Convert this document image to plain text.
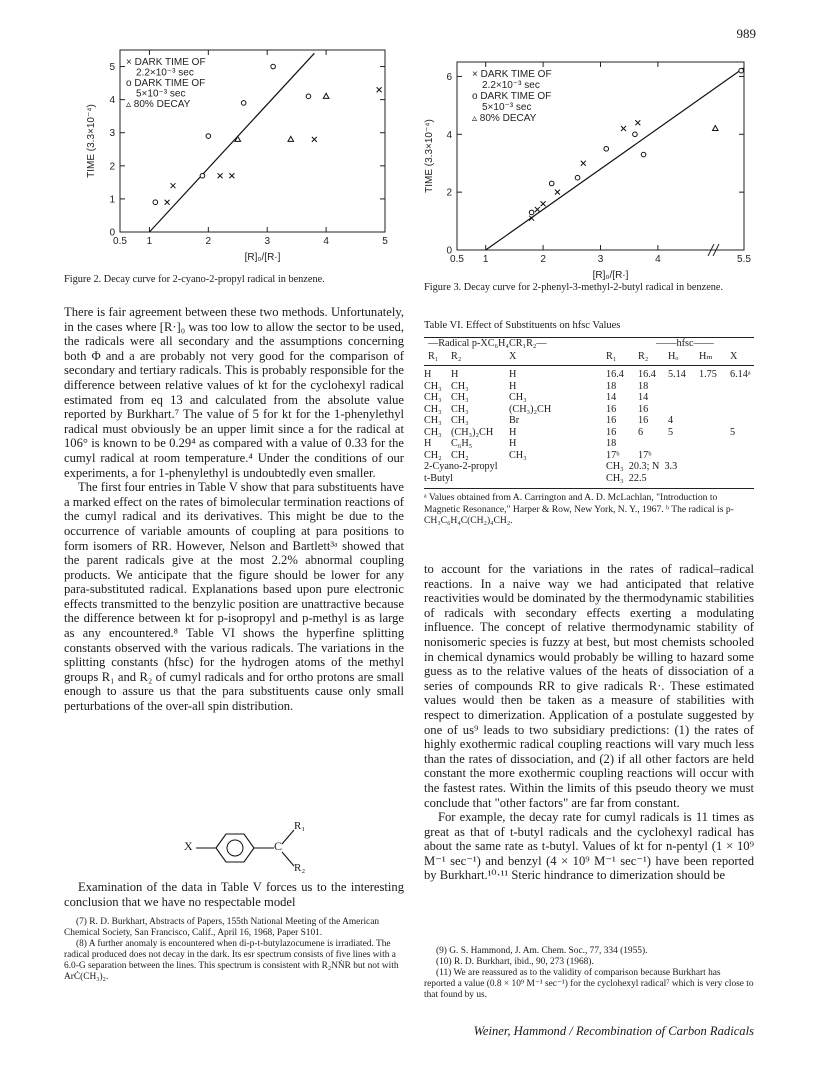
989
0.5 1	2	3	4	5
0
1
2
3
4
5 × DARK TIME OF
2.2×10⁻³ sec
o DARK TIME OF
5×10⁻³ sec
▵ 80% DECAY
[R]₀/[R·]
TIME (3.3×10⁻⁴)
Figure 2. Decay curve for 2-cyano-2-propyl radical in benzene.
0.5 1	2	3	4	5.5
0
2
4
6 × DARK TIME OF
2.2×10⁻³ sec
o DARK TIME OF
5×10⁻³ sec
▵ 80% DECAY
[R]₀/[R·]
TIME (3.3×10⁻⁴)
Figure 3. Decay curve for 2-phenyl-3-methyl-2-butyl radical in benzene.

There is fair agreement between these two methods. Unfortunately, in the cases where [R·]₀ was too low to allow the sector to be used, the radicals were all secondary and the assumptions concerning both Φ and a are probably not very good for the comparison of secondary and tertiary radicals. This is probably responsible for the difference between relative values of kt for the cyclohexyl radical estimated from eq 13 and calculated from the absolute value reported by Burkhart.⁷ The value of 5 for kt for the 1-phenylethyl radical must obviously be an upper limit since a for the radical at 106° is known to be 0.29⁴ as compared with a value of 0.33 for the cumyl radical at room temperature.⁴ Under the conditions of our experiments, a for 1-phenylethyl is undoubtedly even smaller.

The first four entries in Table V show that para substituents have a marked effect on the rates of bimolecular termination reactions of the cumyl radical and its derivatives. This might be due to the occurrence of variable amounts of coupling at para positions to form isomers of RR. However, Nelson and Bartlett³ᵃ showed that the parent radicals give at the most 2.2% abnormal coupling products. We anticipate that the figure should be lower for any para-substituted radical. Explanations based upon pure electronic effects transmitted to the benzylic position are unattractive because the difference between kt for p-isopropyl and p-methyl is as large as any encountered.⁸ Table VI shows the hyperfine splitting constants observed with the various radicals. The variations in the splitting constants (hfsc) for the hydrogen atoms of the methyl groups R₁ and R₂ of cumyl radicals and for ortho protons are small enough to assure us that the para substituents cause only small perturbations of the over-all spin distribution.

X	C
R₁
R₂

Examination of the data in Table V forces us to the interesting conclusion that we have no respectable model

(7) R. D. Burkhart, Abstracts of Papers, 155th National Meeting of the American Chemical Society, San Francisco, Calif., April 16, 1968, Paper S101.

(8) A further anomaly is encountered when di-p-t-butylazocumene is irradiated. The radical produced does not decay in the dark. Its esr spectrum consists of five lines with a 6.0-G separation between the lines. This spectrum is consistent with R₂NṄR but not with ArĊ(CH₃)₂.

Table VI. Effect of Substituents on hfsc Values
—Radical p-XC₆H₄CR₁R₂—	——hfsc——
R₁	R₂	X	R₁	R₂	Hₒ	Hₘ	X
H	H	H	16.4	16.4	5.14	1.75	6.14ᵃ
CH₃	CH₃	H	18	18			
CH₃	CH₃	CH₃	14	14			
CH₃	CH₃	(CH₃)₂CH	16	16			
CH₃	CH₃	Br	16	16	4		
CH₃	(CH₃)₂CH	H	16	6	5		5
H	C₆H₅	H	18				
CH₂	CH₂	CH₃	17ᵇ	17ᵇ			
2-Cyano-2-propyl	CH₃  20.3; N  3.3
t-Butyl	CH₃  22.5
ᵃ Values obtained from A. Carrington and A. D. McLachlan, "Introduction to Magnetic Resonance," Harper & Row, New York, N. Y., 1967. ᵇ The radical is p-CH₃C₆H₄C(CH₂)₄CH₂.

to account for the variations in the rates of radical–radical reactions. In a naive way we had anticipated that relative reactivities would be dominated by the thermodynamic stabilities of radicals with secondary effects exerting a modulating influence. The concept of relative thermodynamic stability of nonisomeric species is fuzzy at best, but most chemists schooled in chemical dynamics would probably be willing to hazard some guess as to the relative values of the heats of dissociation of a series of compounds RR to give radicals R·. These estimated values would then be taken as a measure of stabilities with respect to dimerization. Application of a postulate suggested by one of us⁹ leads to two subsidiary predictions: (1) the rates of highly exothermic radical coupling reactions will vary much less than the rates of dissociation, and (2) if all other factors are held constant the more exothermic coupling reactions will occur with the fastest rates. Within the limits of this pseudo theory we must conclude that "other factors" are far from constant.

For example, the decay rate for cumyl radicals is 11 times as great as that of t-butyl radicals and the cyclohexyl radical has about the same rate as t-butyl. Values of kt for n-pentyl (1 × 10⁹ M⁻¹ sec⁻¹) and benzyl (4 × 10⁹ M⁻¹ sec⁻¹) have been reported by Burkhart.¹⁰·¹¹ Steric hindrance to dimerization should be

(9) G. S. Hammond, J. Am. Chem. Soc., 77, 334 (1955).

(10) R. D. Burkhart, ibid., 90, 273 (1968).

(11) We are reassured as to the validity of comparison because Burkhart has reported a value (0.8 × 10⁹ M⁻¹ sec⁻¹) for the cyclohexyl radical⁷ which is very close to that found by us.

Weiner, Hammond / Recombination of Carbon Radicals
